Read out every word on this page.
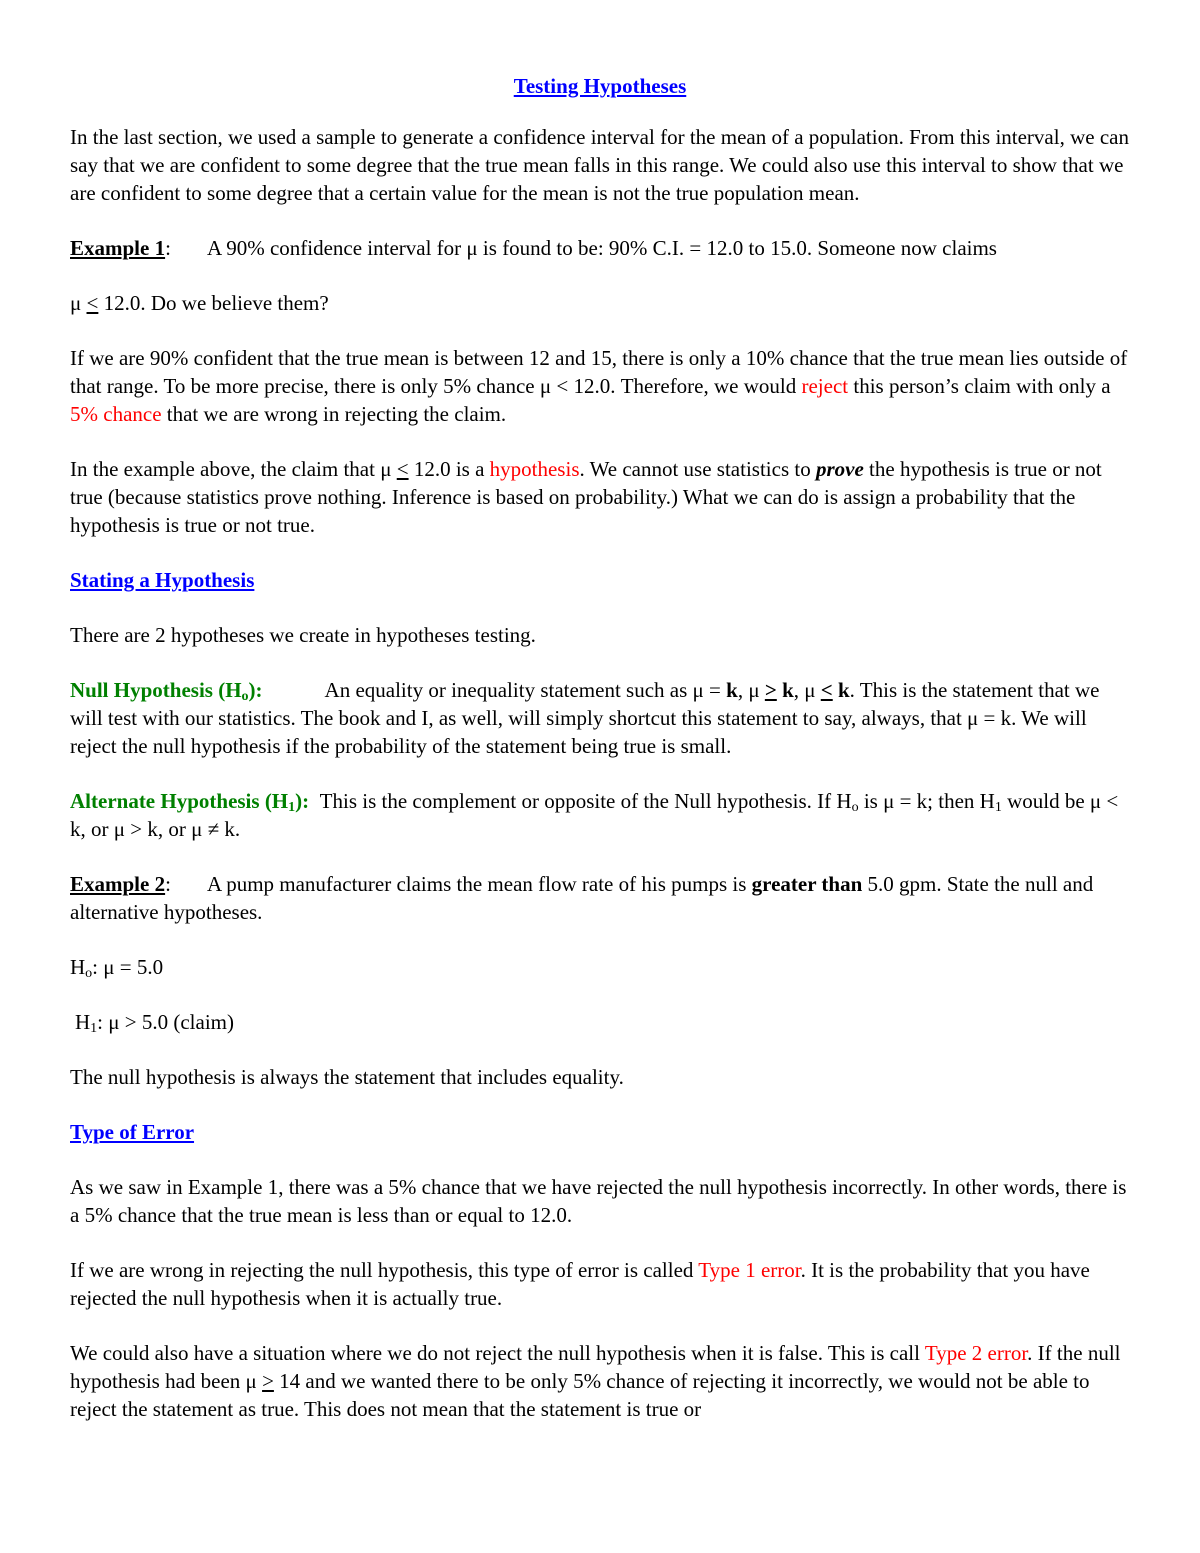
Testing Hypotheses

In the last section, we used a sample to generate a confidence interval for the mean of a population. From this interval, we can say that we are confident to some degree that the true mean falls in this range. We could also use this interval to show that we are confident to some degree that a certain value for the mean is not the true population mean.

Example 1: A 90% confidence interval for μ is found to be: 90% C.I. = 12.0 to 15.0. Someone now claims

μ < 12.0. Do we believe them?

If we are 90% confident that the true mean is between 12 and 15, there is only a 10% chance that the true mean lies outside of that range. To be more precise, there is only 5% chance μ < 12.0. Therefore, we would reject this person’s claim with only a 5% chance that we are wrong in rejecting the claim.

In the example above, the claim that μ < 12.0 is a hypothesis. We cannot use statistics to prove the hypothesis is true or not true (because statistics prove nothing. Inference is based on probability.) What we can do is assign a probability that the hypothesis is true or not true.

Stating a Hypothesis

There are 2 hypotheses we create in hypotheses testing.

Null Hypothesis $(H_o)$:	An equality or inequality statement such as μ = k, μ > k, μ < k. This is the statement that we will test with our statistics. The book and I, as well, will simply shortcut this statement to say, always, that μ = k. We will reject the null hypothesis if the probability of the statement being true is small.

Alternate Hypothesis $(H_1)$: This is the complement or opposite of the Null hypothesis. If $H_o$ is μ = k; then $H_1$ would be μ < k, or μ > k, or μ ≠ k.

Example 2: A pump manufacturer claims the mean flow rate of his pumps is greater than 5.0 gpm. State the null and alternative hypotheses.

$H_o$: μ = 5.0

$H_1$: μ > 5.0 (claim)

The null hypothesis is always the statement that includes equality.

Type of Error

As we saw in Example 1, there was a 5% chance that we have rejected the null hypothesis incorrectly. In other words, there is a 5% chance that the true mean is less than or equal to 12.0.

If we are wrong in rejecting the null hypothesis, this type of error is called Type 1 error. It is the probability that you have rejected the null hypothesis when it is actually true.

We could also have a situation where we do not reject the null hypothesis when it is false. This is call Type 2 error. If the null hypothesis had been μ > 14 and we wanted there to be only 5% chance of rejecting it incorrectly, we would not be able to reject the statement as true. This does not mean that the statement is true or
